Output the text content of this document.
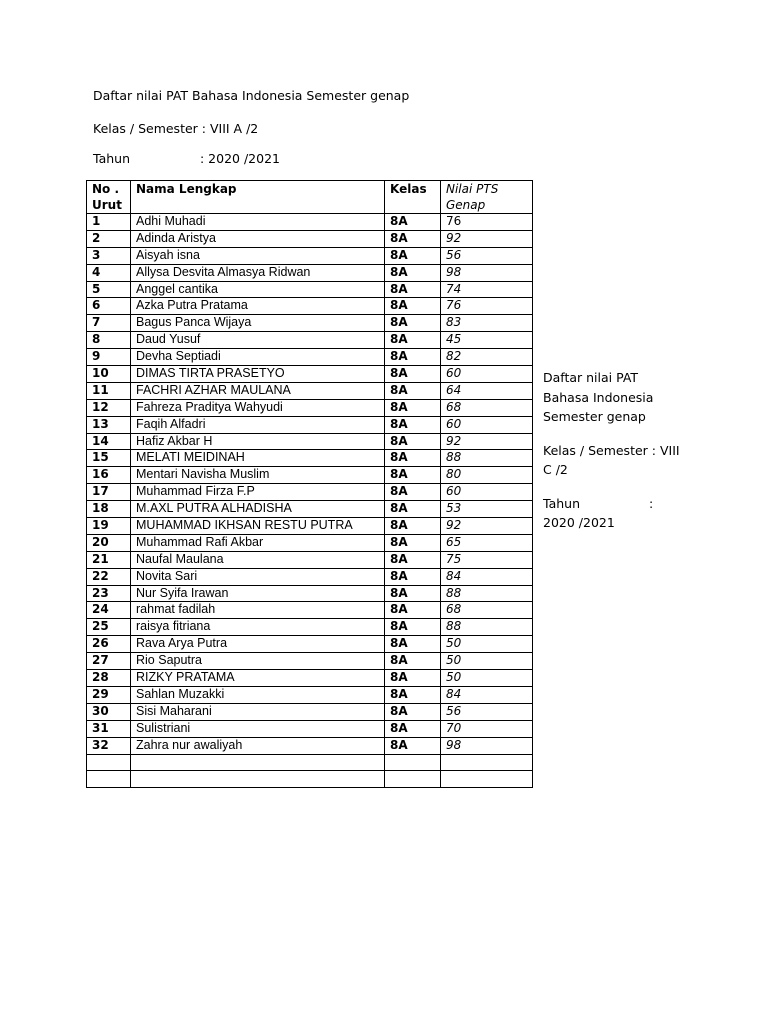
Daftar nilai PAT Bahasa Indonesia Semester genap
Kelas / Semester : VIII A /2
Tahun	: 2020 /2021
No . Urut	Nama Lengkap	Kelas	Nilai PTS Genap
1	Adhi Muhadi	8A	76
2	Adinda Aristya	8A	92
3	Aisyah isna	8A	56
4	Allysa Desvita Almasya Ridwan	8A	98
5	Anggel cantika	8A	74
6	Azka Putra Pratama	8A	76
7	Bagus Panca Wijaya	8A	83
8	Daud Yusuf	8A	45
9	Devha Septiadi	8A	82
10	DIMAS TIRTA PRASETYO	8A	60
11	FACHRI AZHAR MAULANA	8A	64
12	Fahreza Praditya Wahyudi	8A	68
13	Faqih Alfadri	8A	60
14	Hafiz Akbar H	8A	92
15	MELATI MEIDINAH	8A	88
16	Mentari Navisha Muslim	8A	80
17	Muhammad Firza F.P	8A	60
18	M.AXL PUTRA ALHADISHA	8A	53
19	MUHAMMAD IKHSAN RESTU PUTRA	8A	92
20	Muhammad Rafi Akbar	8A	65
21	Naufal Maulana	8A	75
22	Novita Sari	8A	84
23	Nur Syifa Irawan	8A	88
24	rahmat fadilah	8A	68
25	raisya fitriana	8A	88
26	Rava Arya Putra	8A	50
27	Rio Saputra	8A	50
28	RIZKY PRATAMA	8A	50
29	Sahlan Muzakki	8A	84
30	Sisi Maharani	8A	56
31	Sulistriani	8A	70
32	Zahra nur awaliyah	8A	98

Daftar nilai PAT Bahasa Indonesia Semester genap
Kelas / Semester : VIII C /2
Tahun	:
2020 /2021
